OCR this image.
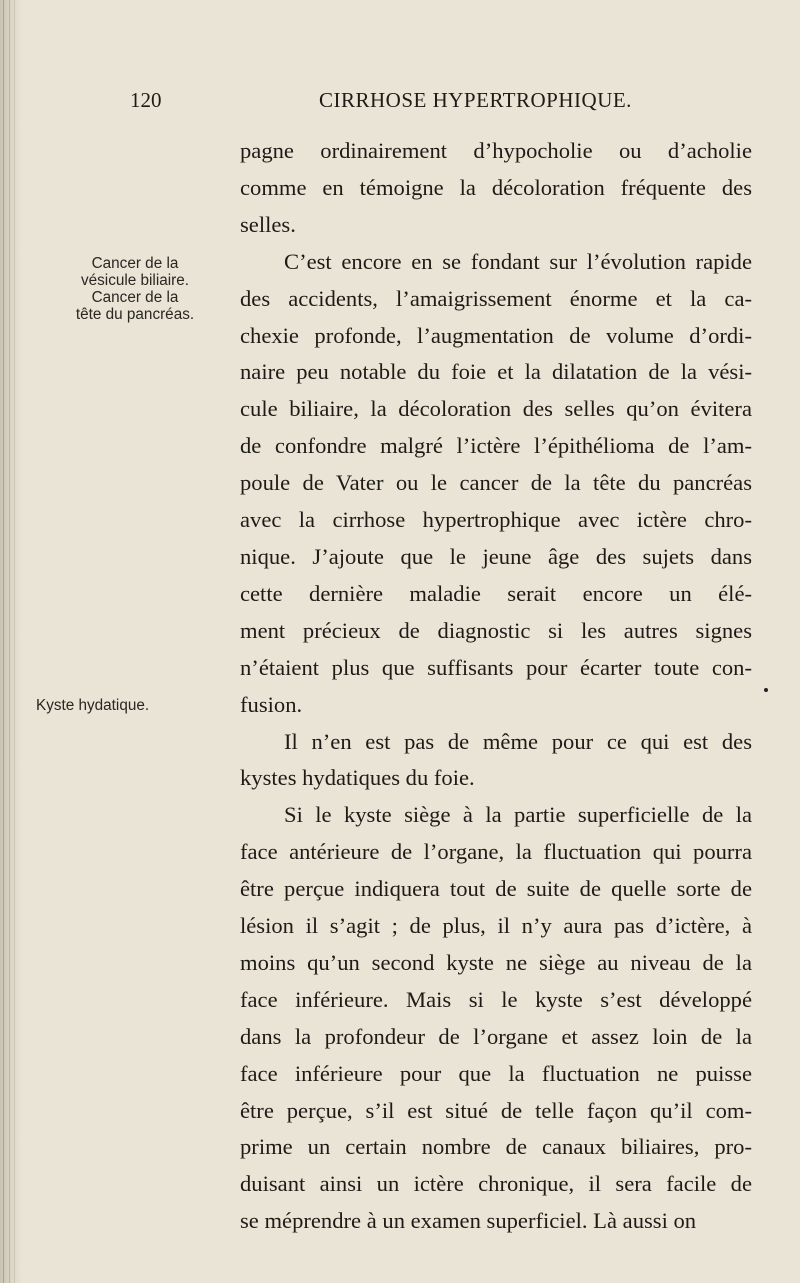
120	CIRRHOSE HYPERTROPHIQUE.
Cancer de la
vésicule biliaire.
Cancer de la
tête du pancréas.
Kyste hydatique.
pagne ordinairement d’hypocholie ou d’acholie
comme en témoigne la décoloration fréquente des
selles.
C’est encore en se fondant sur l’évolution rapide
des accidents, l’amaigrissement énorme et la ca-
chexie profonde, l’augmentation de volume d’ordi-
naire peu notable du foie et la dilatation de la vési-
cule biliaire, la décoloration des selles qu’on évitera
de confondre malgré l’ictère l’épithélioma de l’am-
poule de Vater ou le cancer de la tête du pancréas
avec la cirrhose hypertrophique avec ictère chro-
nique. J’ajoute que le jeune âge des sujets dans
cette dernière maladie serait encore un élé-
ment précieux de diagnostic si les autres signes
n’étaient plus que suffisants pour écarter toute con-
fusion.
Il n’en est pas de même pour ce qui est des
kystes hydatiques du foie.
Si le kyste siège à la partie superficielle de la
face antérieure de l’organe, la fluctuation qui pourra
être perçue indiquera tout de suite de quelle sorte de
lésion il s’agit ; de plus, il n’y aura pas d’ictère, à
moins qu’un second kyste ne siège au niveau de la
face inférieure. Mais si le kyste s’est développé
dans la profondeur de l’organe et assez loin de la
face inférieure pour que la fluctuation ne puisse
être perçue, s’il est situé de telle façon qu’il com-
prime un certain nombre de canaux biliaires, pro-
duisant ainsi un ictère chronique, il sera facile de
se méprendre à un examen superficiel. Là aussi on
